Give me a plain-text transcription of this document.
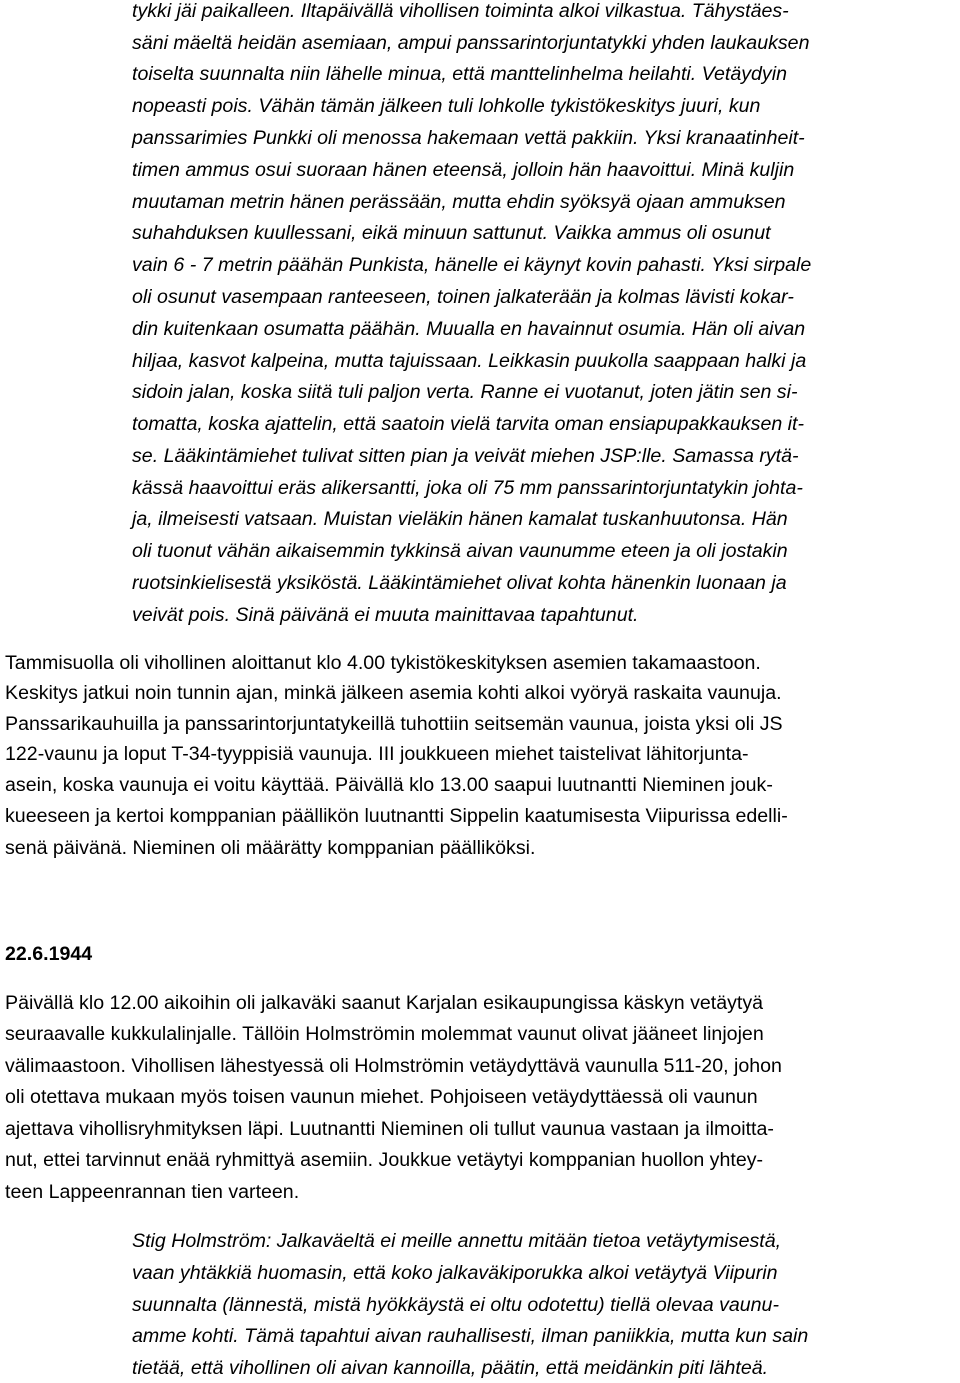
tykki jäi paikalleen. Iltapäivällä vihollisen toiminta alkoi vilkastua. Tähystäes-
säni mäeltä heidän asemiaan, ampui panssarintorjuntatykki yhden laukauksen
toiselta suunnalta niin lähelle minua, että manttelinhelma heilahti. Vetäydyin
nopeasti pois. Vähän tämän jälkeen tuli lohkolle tykistökeskitys juuri, kun
panssarimies Punkki oli menossa hakemaan vettä pakkiin. Yksi kranaatinheit-
timen ammus osui suoraan hänen eteensä, jolloin hän haavoittui. Minä kuljin
muutaman metrin hänen perässään, mutta ehdin syöksyä ojaan ammuksen
suhahduksen kuullessani, eikä minuun sattunut. Vaikka ammus oli osunut
vain 6 - 7 metrin päähän Punkista, hänelle ei käynyt kovin pahasti. Yksi sirpale
oli osunut vasempaan ranteeseen, toinen jalkaterään ja kolmas lävisti kokar-
din kuitenkaan osumatta päähän. Muualla en havainnut osumia. Hän oli aivan
hiljaa, kasvot kalpeina, mutta tajuissaan. Leikkasin puukolla saappaan halki ja
sidoin jalan, koska siitä tuli paljon verta. Ranne ei vuotanut, joten jätin sen si-
tomatta, koska ajattelin, että saatoin vielä tarvita oman ensiapupakkauksen it-
se. Lääkintämiehet tulivat sitten pian ja veivät miehen JSP:lle. Samassa rytä-
kässä haavoittui eräs alikersantti, joka oli 75 mm panssarintorjuntatykin johta-
ja, ilmeisesti vatsaan. Muistan vieläkin hänen kamalat tuskanhuutonsa. Hän
oli tuonut vähän aikaisemmin tykkinsä aivan vaunumme eteen ja oli jostakin
ruotsinkielisestä yksiköstä. Lääkintämiehet olivat kohta hänenkin luonaan ja
veivät pois. Sinä päivänä ei muuta mainittavaa tapahtunut.
Tammisuolla oli vihollinen aloittanut klo 4.00 tykistökeskityksen asemien takamaastoon.
Keskitys jatkui noin tunnin ajan, minkä jälkeen asemia kohti alkoi vyöryä raskaita vaunuja.
Panssarikauhuilla ja panssarintorjuntatykeillä tuhottiin seitsemän vaunua, joista yksi oli JS
122-vaunu ja loput T-34-tyyppisiä vaunuja. III joukkueen miehet taistelivat lähitorjunta-
asein, koska vaunuja ei voitu käyttää. Päivällä klo 13.00 saapui luutnantti Nieminen jouk-
kueeseen ja kertoi komppanian päällikön luutnantti Sippelin kaatumisesta Viipurissa edelli-
senä päivänä. Nieminen oli määrätty komppanian päälliköksi.
22.6.1944
Päivällä klo 12.00 aikoihin oli jalkaväki saanut Karjalan esikaupungissa käskyn vetäytyä
seuraavalle kukkulalinjalle. Tällöin Holmströmin molemmat vaunut olivat jääneet linjojen
välimaastoon. Vihollisen lähestyessä oli Holmströmin vetäydyttävä vaunulla 511-20, johon
oli otettava mukaan myös toisen vaunun miehet. Pohjoiseen vetäydyttäessä oli vaunun
ajettava vihollisryhmityksen läpi. Luutnantti Nieminen oli tullut vaunua vastaan ja ilmoitta-
nut, ettei tarvinnut enää ryhmittyä asemiin. Joukkue vetäytyi komppanian huollon yhtey-
teen Lappeenrannan tien varteen.
Stig Holmström: Jalkaväeltä ei meille annettu mitään tietoa vetäytymisestä,
vaan yhtäkkiä huomasin, että koko jalkaväkiporukka alkoi vetäytyä Viipurin
suunnalta (lännestä, mistä hyökkäystä ei oltu odotettu) tiellä olevaa vaunu-
amme kohti. Tämä tapahtui aivan rauhallisesti, ilman paniikkia, mutta kun sain
tietää, että vihollinen oli aivan kannoilla, päätin, että meidänkin piti lähteä.
